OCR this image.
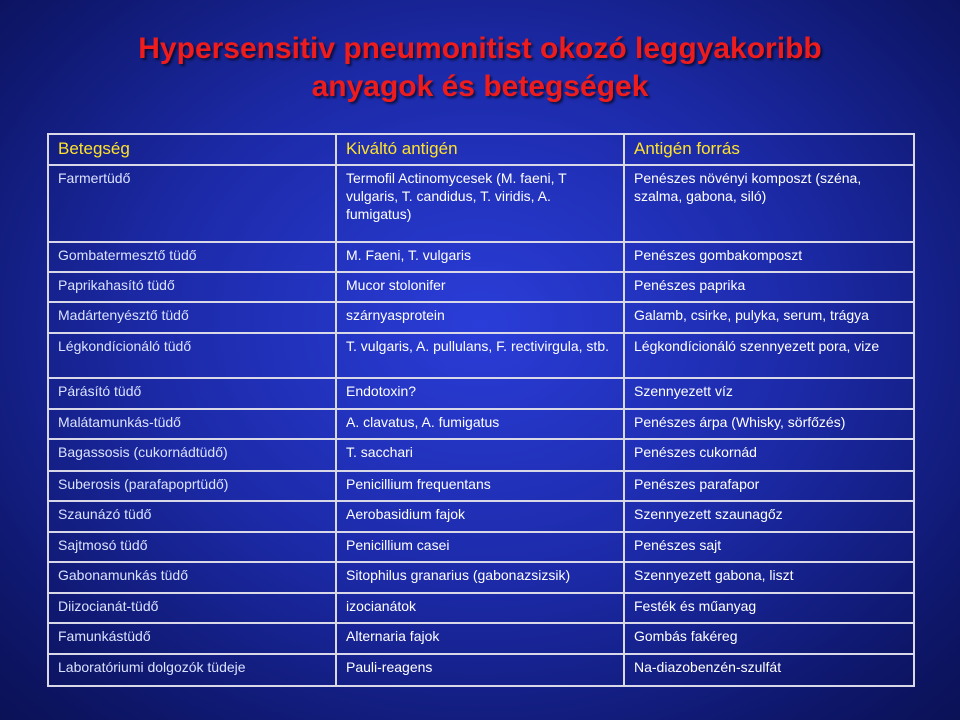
Hypersensitiv pneumonitist okozó leggyakoribb
anyagok és betegségek
Betegség	Kiváltó antigén	Antigén forrás
Farmertüdő	Termofil Actinomycesek (M. faeni, T vulgaris, T. candidus, T. viridis, A. fumigatus)	Penészes növényi komposzt (széna, szalma, gabona, siló)
Gombatermesztő tüdő	M. Faeni, T. vulgaris	Penészes gombakomposzt
Paprikahasító tüdő	Mucor stolonifer	Penészes paprika
Madártenyésztő tüdő	szárnyasprotein	Galamb, csirke, pulyka, serum, trágya
Légkondícionáló tüdő	T. vulgaris, A. pullulans, F. rectivirgula, stb.	Légkondícionáló szennyezett pora, vize
Párásító tüdő	Endotoxin?	Szennyezett víz
Malátamunkás-tüdő	A. clavatus, A. fumigatus	Penészes árpa (Whisky, sörfőzés)
Bagassosis (cukornádtüdő)	T. sacchari	Penészes cukornád
Suberosis (parafapoprtüdő)	Penicillium frequentans	Penészes parafapor
Szaunázó tüdő	Aerobasidium fajok	Szennyezett szaunagőz
Sajtmosó tüdő	Penicillium casei	Penészes sajt
Gabonamunkás tüdő	Sitophilus granarius (gabonazsizsik)	Szennyezett gabona, liszt
Diizocianát-tüdő	izocianátok	Festék és műanyag
Famunkástüdő	Alternaria fajok	Gombás fakéreg
Laboratóriumi dolgozók tüdeje	Pauli-reagens	Na-diazobenzén-szulfát
